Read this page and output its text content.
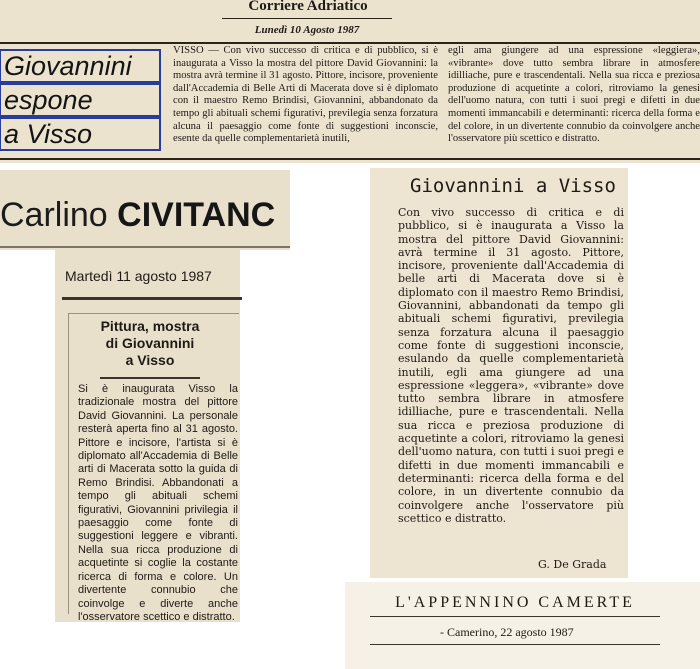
Corriere Adriatico
Lunedì 10 Agosto 1987
Giovannini
espone
a Visso
VISSO — Con vivo successo di critica e di pubblico, si è inaugurata a Visso la mostra del pittore David Giovannini: la mostra avrà termine il 31 agosto. Pittore, incisore, proveniente dall'Accademia di Belle Arti di Macerata dove si è diplomato con il maestro Remo Brindisi, Giovannini, abbandonato da tempo gli abituali schemi figurativi, previlegia senza forzatura alcuna il paesaggio come fonte di suggestioni inconscie, esente da quelle complementarietà inutili,
egli ama giungere ad una espressione «leggiera», «vibrante» dove tutto sembra librare in atmosfere idilliache, pure e trascendentali. Nella sua ricca e preziosa produzione di acquetinte a colori, ritroviamo la genesi dell'uomo natura, con tutti i suoi pregi e difetti in due momenti immancabili e determinanti: ricerca della forma e del colore, in un divertente connubio da coinvolgere anche l'osservatore più scettico e distratto.
Carlino CIVITANC
Martedì 11 agosto 1987
Pittura, mostra
di Giovannini
a Visso
Si è inaugurata Visso la tradizionale mostra del pittore David Giovannini. La personale resterà aperta fino al 31 agosto. Pittore e incisore, l'artista si è diplomato all'Accademia di Belle arti di Macerata sotto la guida di Remo Brindisi. Abbandonati a tempo gli abituali schemi figurativi, Giovannini privilegia il paesaggio come fonte di suggestioni leggere e vibranti. Nella sua ricca produzione di acquetinte si coglie la costante ricerca di forma e colore. Un divertente connubio che coinvolge e diverte anche l'osservatore scettico e distratto.
Giovannini a Visso
Con vivo successo di critica e di pubblico, si è inaugurata a Visso la mostra del pittore David Giovannini: avrà termine il 31 agosto. Pittore, incisore, proveniente dall'Accademia di belle arti di Macerata dove si è diplomato con il maestro Remo Brindisi, Giovannini, abbandonati da tempo gli abituali schemi figurativi, previlegia senza forzatura alcuna il paesaggio come fonte di suggestioni inconscie, esulando da quelle complementarietà inutili, egli ama giungere ad una espressione «leggera», «vibrante» dove tutto sembra librare in atmosfere idilliache, pure e trascendentali. Nella sua ricca e preziosa produzione di acquetinte a colori, ritroviamo la genesi dell'uomo natura, con tutti i suoi pregi e difetti in due momenti immancabili e determinanti: ricerca della forma e del colore, in un divertente connubio da coinvolgere anche l'osservatore più scettico e distratto.
G. De Grada
L'APPENNINO CAMERTE
- Camerino, 22 agosto 1987
